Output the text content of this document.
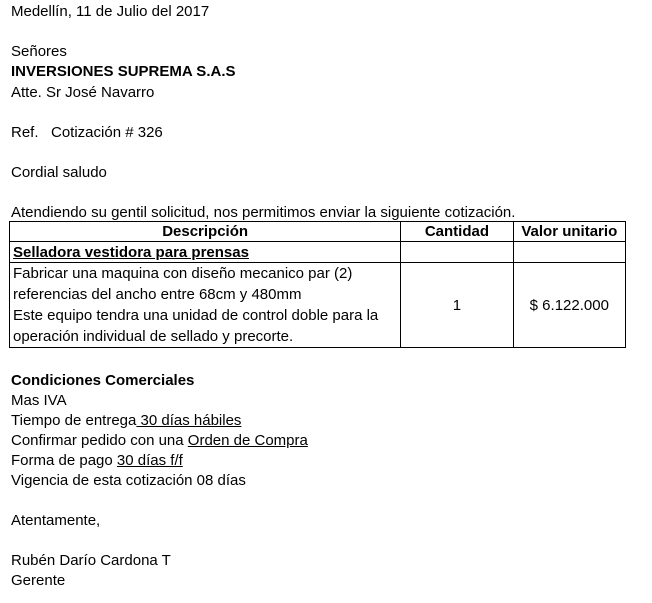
Medellín, 11 de Julio del 2017
Señores
INVERSIONES SUPREMA S.A.S
Atte. Sr José Navarro
Ref.   Cotización # 326
Cordial saludo
Atendiendo su gentil solicitud, nos permitimos enviar la siguiente cotización.
Descripción	Cantidad	Valor unitario
Selladora vestidora para prensas		

Fabricar una maquina con diseño mecanico par (2) referencias del ancho entre 68cm y 480mm

Este equipo tendra una unidad de control doble para la operación individual de sellado y precorte.	1	$ 6.122.000
Condiciones Comerciales
Mas IVA
Tiempo de entrega 30 días hábiles
Confirmar pedido con una Orden de Compra
Forma de pago 30 días f/f
Vigencia de esta cotización 08 días
Atentamente,
Rubén Darío Cardona T
Gerente
